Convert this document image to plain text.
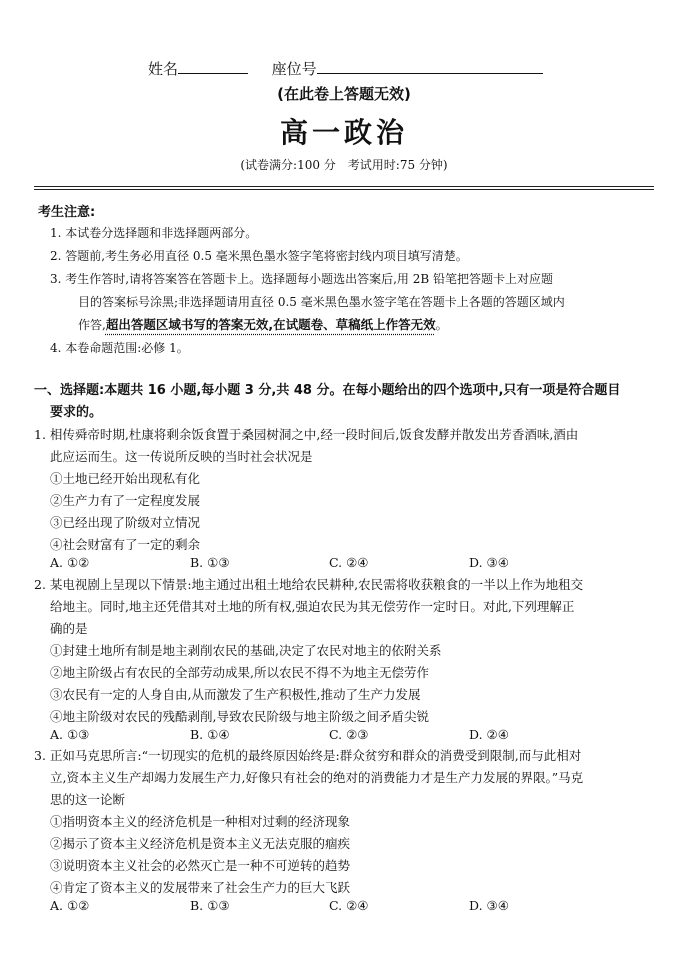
姓名	座位号
(在此卷上答题无效)
高一政治
(试卷满分:100 分　考试用时:75 分钟)
考生注意:
1. 本试卷分选择题和非选择题两部分。
2. 答题前,考生务必用直径 0.5 毫米黑色墨水签字笔将密封线内项目填写清楚。
3. 考生作答时,请将答案答在答题卡上。选择题每小题选出答案后,用 2B 铅笔把答题卡上对应题
目的答案标号涂黑;非选择题请用直径 0.5 毫米黑色墨水签字笔在答题卡上各题的答题区域内
作答,超出答题区域书写的答案无效,在试题卷、草稿纸上作答无效。
4. 本卷命题范围:必修 1。
一、选择题:本题共 16 小题,每小题 3 分,共 48 分。在每小题给出的四个选项中,只有一项是符合题目
要求的。
1. 相传舜帝时期,杜康将剩余饭食置于桑园树洞之中,经一段时间后,饭食发酵并散发出芳香酒味,酒由
此应运而生。这一传说所反映的当时社会状况是
①土地已经开始出现私有化
②生产力有了一定程度发展
③已经出现了阶级对立情况
④社会财富有了一定的剩余
A. ①②	B. ①③	C. ②④	D. ③④
2. 某电视剧上呈现以下情景:地主通过出租土地给农民耕种,农民需将收获粮食的一半以上作为地租交
给地主。同时,地主还凭借其对土地的所有权,强迫农民为其无偿劳作一定时日。对此,下列理解正
确的是
①封建土地所有制是地主剥削农民的基础,决定了农民对地主的依附关系
②地主阶级占有农民的全部劳动成果,所以农民不得不为地主无偿劳作
③农民有一定的人身自由,从而激发了生产积极性,推动了生产力发展
④地主阶级对农民的残酷剥削,导致农民阶级与地主阶级之间矛盾尖锐
A. ①③	B. ①④	C. ②③	D. ②④
3. 正如马克思所言:“一切现实的危机的最终原因始终是:群众贫穷和群众的消费受到限制,而与此相对
立,资本主义生产却竭力发展生产力,好像只有社会的绝对的消费能力才是生产力发展的界限。”马克
思的这一论断
①指明资本主义的经济危机是一种相对过剩的经济现象
②揭示了资本主义经济危机是资本主义无法克服的痼疾
③说明资本主义社会的必然灭亡是一种不可逆转的趋势
④肯定了资本主义的发展带来了社会生产力的巨大飞跃
A. ①②	B. ①③	C. ②④	D. ③④
